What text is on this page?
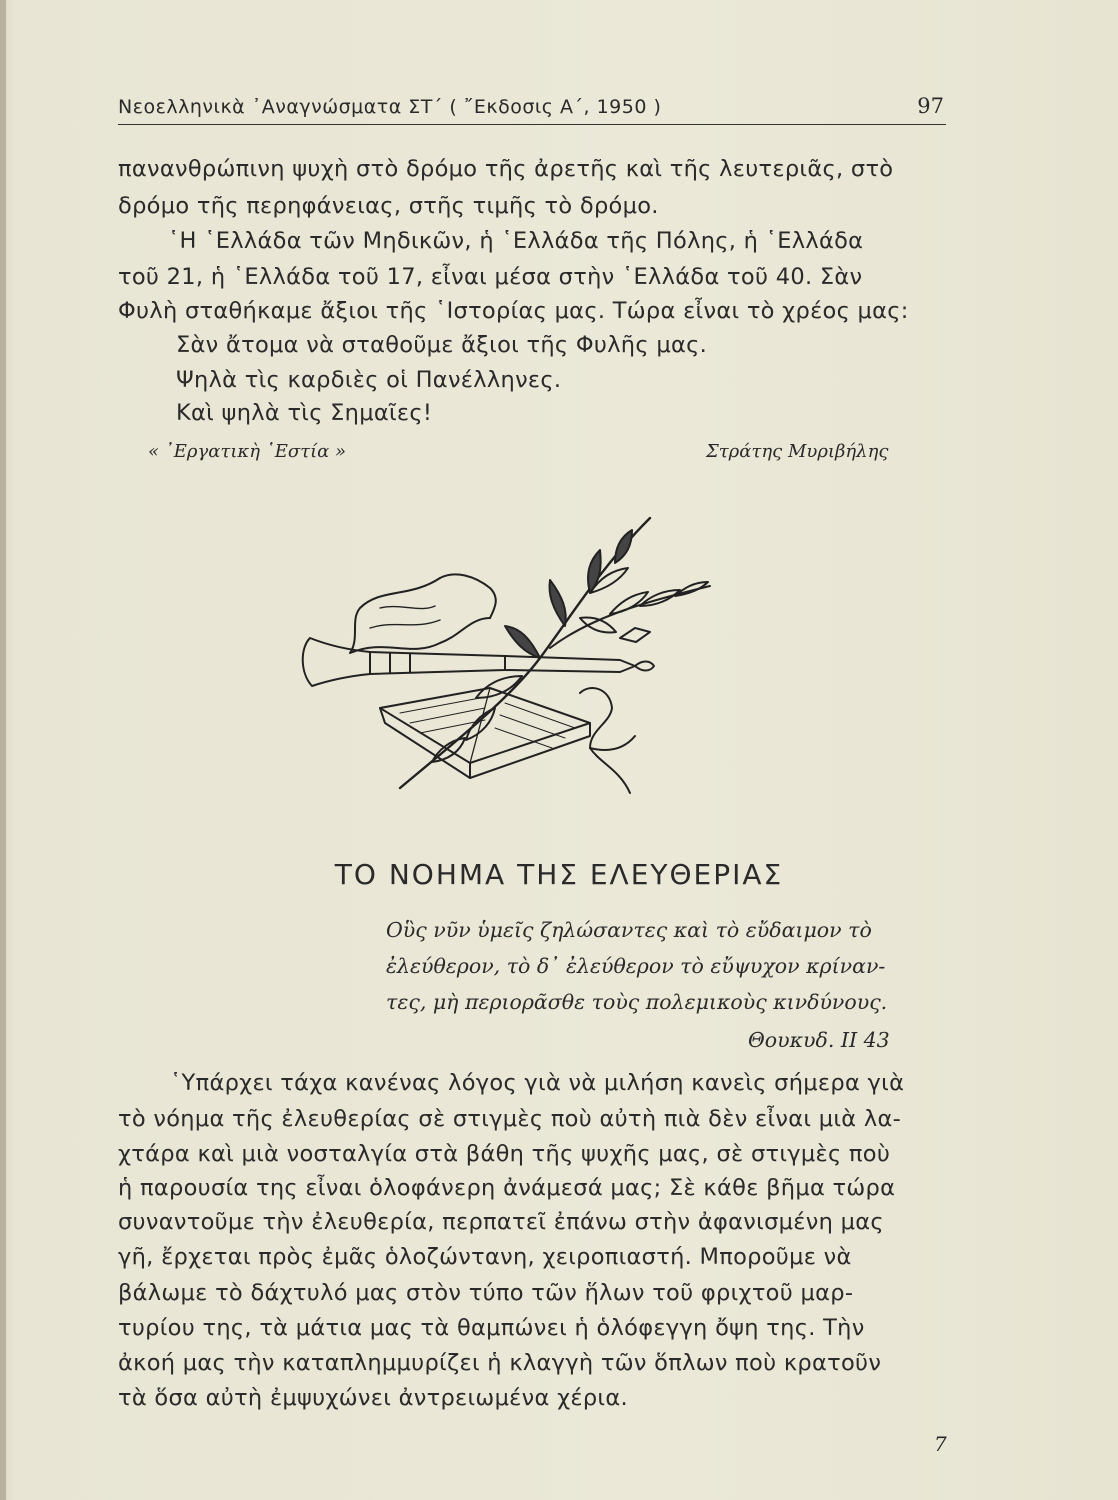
Νεοελληνικὰ ᾽Αναγνώσματα ΣΤ΄ ( ῎Εκδοσις Α΄, 1950 )	97
πανανθρώπινη ψυχὴ στὸ δρόμο τῆς ἀρετῆς καὶ τῆς λευτεριᾶς, στὸ
δρόμο τῆς περηφάνειας, στῆς τιμῆς τὸ δρόμο.
῾Η ῾Ελλάδα τῶν Μηδικῶν, ἡ ῾Ελλάδα τῆς Πόλης, ἡ ῾Ελλάδα
τοῦ 21, ἡ ῾Ελλάδα τοῦ 17, εἶναι μέσα στὴν ῾Ελλάδα τοῦ 40. Σὰν
Φυλὴ σταθήκαμε ἄξιοι τῆς ῾Ιστορίας μας. Τώρα εἶναι τὸ χρέος μας:
Σὰν ἄτομα νὰ σταθοῦμε ἄξιοι τῆς Φυλῆς μας.
Ψηλὰ τὶς καρδιὲς οἱ Πανέλληνες.
Καὶ ψηλὰ τὶς Σημαῖες!
« ᾽Εργατικὴ ῾Εστία »	Στράτης Μυριβήλης
ΤΟ ΝΟΗΜΑ ΤΗΣ ΕΛΕΥΘΕΡΙΑΣ
Οὓς νῦν ὑμεῖς ζηλώσαντες καὶ τὸ εὔδαιμον τὸ
ἐλεύθερον, τὸ δ᾽ ἐλεύθερον τὸ εὔψυχον κρίναν-
τες, μὴ περιορᾶσθε τοὺς πολεμικοὺς κινδύνους.
Θουκυδ. ΙΙ 43
῾Υπάρχει τάχα κανένας λόγος γιὰ νὰ μιλήση κανεὶς σήμερα γιὰ
τὸ νόημα τῆς ἐλευθερίας σὲ στιγμὲς ποὺ αὐτὴ πιὰ δὲν εἶναι μιὰ λα-
χτάρα καὶ μιὰ νοσταλγία στὰ βάθη τῆς ψυχῆς μας, σὲ στιγμὲς ποὺ
ἡ παρουσία της εἶναι ὁλοφάνερη ἀνάμεσά μας; Σὲ κάθε βῆμα τώρα
συναντοῦμε τὴν ἐλευθερία, περπατεῖ ἐπάνω στὴν ἀφανισμένη μας
γῆ, ἔρχεται πρὸς ἐμᾶς ὁλοζώντανη, χειροπιαστή. Μποροῦμε νὰ
βάλωμε τὸ δάχτυλό μας στὸν τύπο τῶν ἥλων τοῦ φριχτοῦ μαρ-
τυρίου της, τὰ μάτια μας τὰ θαμπώνει ἡ ὁλόφεγγη ὄψη της. Τὴν
ἀκοή μας τὴν καταπλημμυρίζει ἡ κλαγγὴ τῶν ὅπλων ποὺ κρατοῦν
τὰ ὅσα αὐτὴ ἐμψυχώνει ἀντρειωμένα χέρια.
7
